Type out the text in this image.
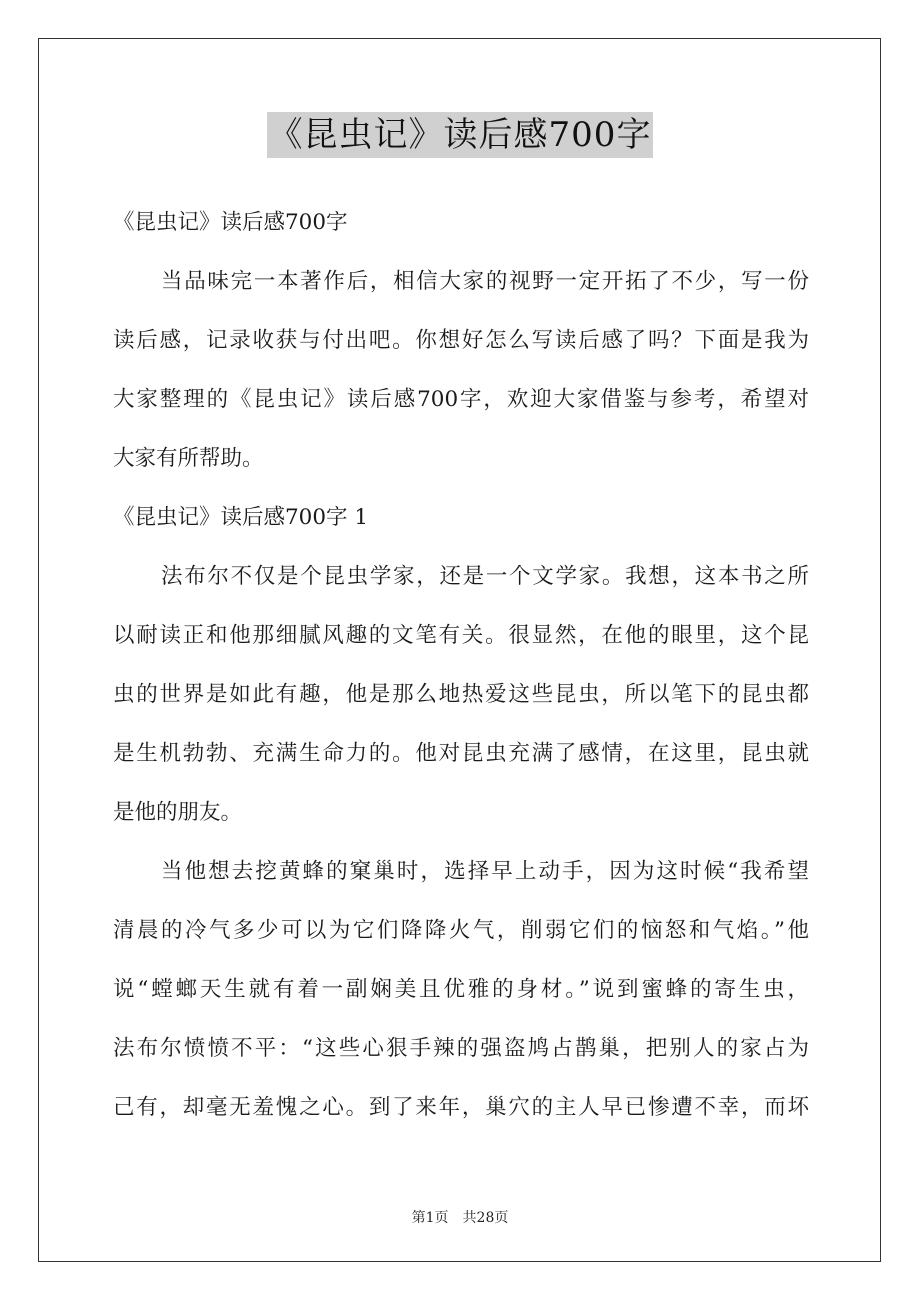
《昆虫记》读后感700字
《昆虫记》读后感700字
当品味完一本著作后，相信大家的视野一定开拓了不少，写一份
读后感，记录收获与付出吧。你想好怎么写读后感了吗？下面是我为
大家整理的《昆虫记》读后感700字，欢迎大家借鉴与参考，希望对
大家有所帮助。
《昆虫记》读后感700字 1
法布尔不仅是个昆虫学家，还是一个文学家。我想，这本书之所
以耐读正和他那细腻风趣的文笔有关。很显然，在他的眼里，这个昆
虫的世界是如此有趣，他是那么地热爱这些昆虫，所以笔下的昆虫都
是生机勃勃、充满生命力的。他对昆虫充满了感情，在这里，昆虫就
是他的朋友。
当他想去挖黄蜂的窠巢时，选择早上动手，因为这时候“我希望
清晨的冷气多少可以为它们降降火气，削弱它们的恼怒和气焰。”他
说“螳螂天生就有着一副娴美且优雅的身材。”说到蜜蜂的寄生虫，
法布尔愤愤不平：“这些心狠手辣的强盗鸠占鹊巢，把别人的家占为
己有，却毫无羞愧之心。到了来年，巢穴的主人早已惨遭不幸，而坏
第1页 共28页
